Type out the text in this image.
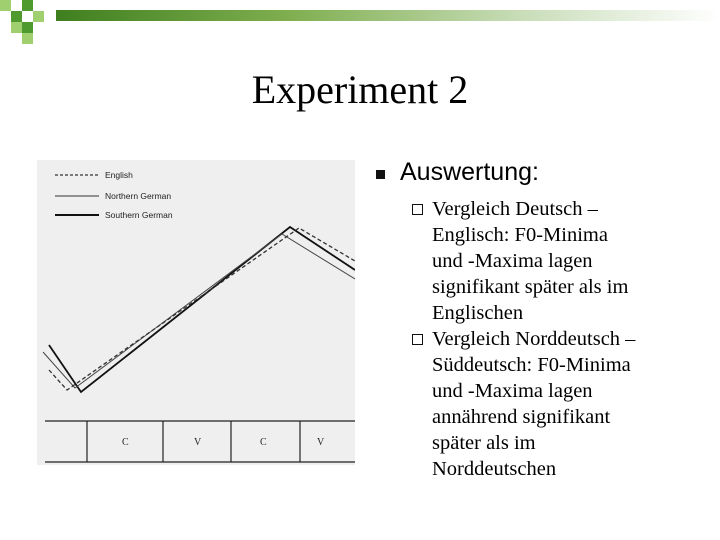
Experiment 2
English
Northern German
Southern German
C	V	C	V
Auswertung:
Vergleich Deutsch –
Englisch: F0-Minima
und -Maxima lagen
signifikant später als im
Englischen
Vergleich Norddeutsch –
Süddeutsch: F0-Minima
und -Maxima lagen
annährend signifikant
später als im
Norddeutschen
